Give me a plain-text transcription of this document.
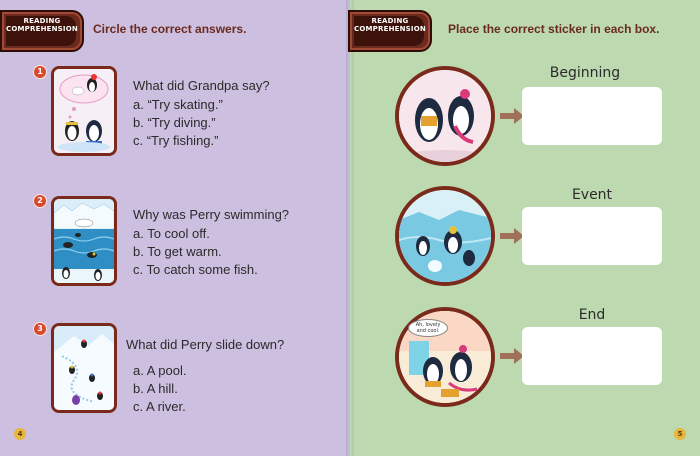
READING
COMPREHENSION	Circle the correct answers.
1
What did Grandpa say?
a. “Try skating.”
b. “Try diving.”
c. “Try fishing.”
2
Why was Perry swimming?
a. To cool off.
b. To get warm.
c. To catch some fish.
3
What did Perry slide down?
a. A pool.
b. A hill.
c. A river.
4
Place the correct sticker in each box.
Beginning
Event
End
Ah, lovely and cool.
5
READING
COMPREHENSION
